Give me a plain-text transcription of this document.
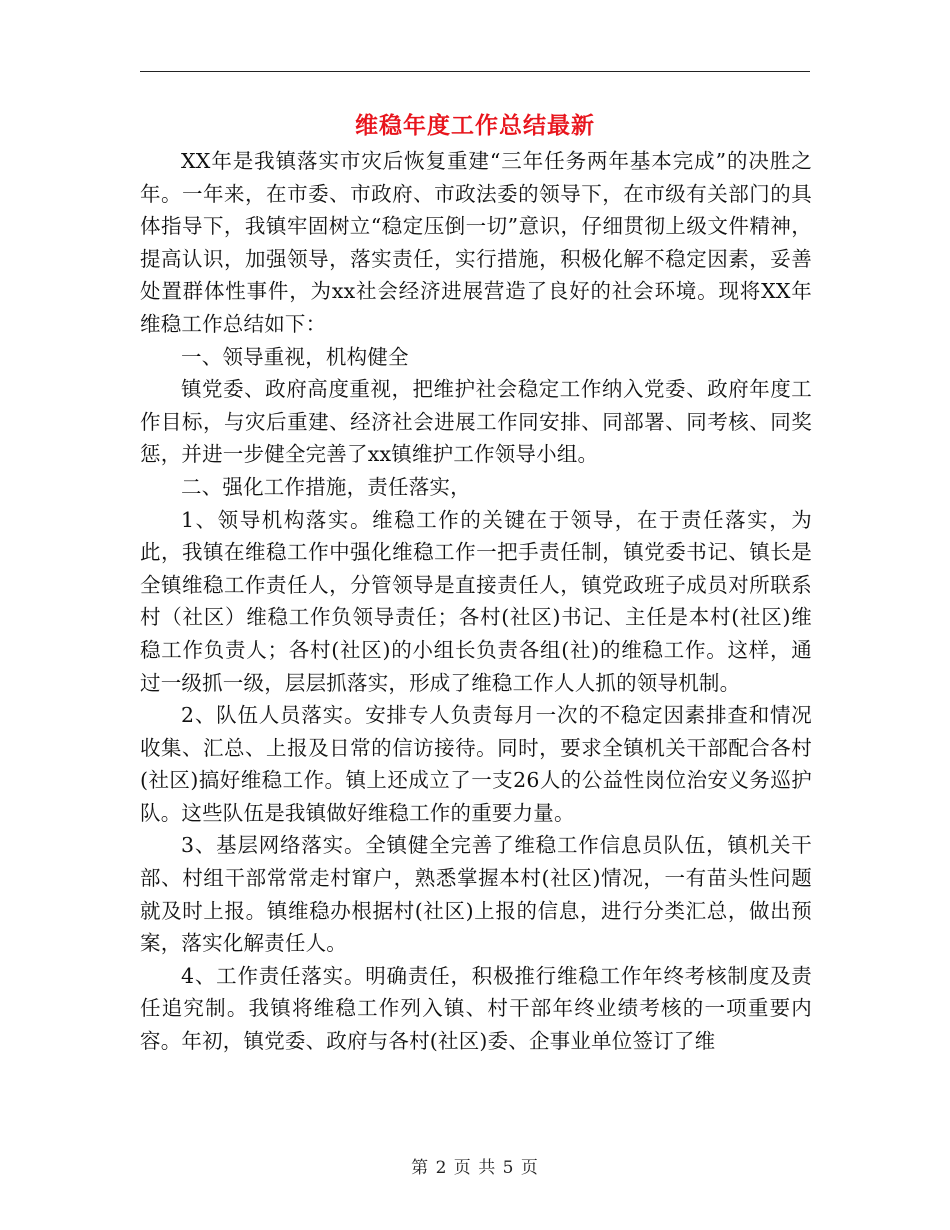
维稳年度工作总结最新

XX年是我镇落实市灾后恢复重建“三年任务两年基本完成”的决胜之年。一年来，在市委、市政府、市政法委的领导下，在市级有关部门的具体指导下，我镇牢固树立“稳定压倒一切”意识，仔细贯彻上级文件精神，提高认识，加强领导，落实责任，实行措施，积极化解不稳定因素，妥善处置群体性事件，为xx社会经济进展营造了良好的社会环境。现将XX年维稳工作总结如下：

一、领导重视，机构健全

镇党委、政府高度重视，把维护社会稳定工作纳入党委、政府年度工作目标，与灾后重建、经济社会进展工作同安排、同部署、同考核、同奖惩，并进一步健全完善了xx镇维护工作领导小组。

二、强化工作措施，责任落实，

1、领导机构落实。维稳工作的关键在于领导，在于责任落实，为此，我镇在维稳工作中强化维稳工作一把手责任制，镇党委书记、镇长是全镇维稳工作责任人，分管领导是直接责任人，镇党政班子成员对所联系村（社区）维稳工作负领导责任；各村(社区)书记、主任是本村(社区)维稳工作负责人；各村(社区)的小组长负责各组(社)的维稳工作。这样，通过一级抓一级，层层抓落实，形成了维稳工作人人抓的领导机制。

2、队伍人员落实。安排专人负责每月一次的不稳定因素排查和情况收集、汇总、上报及日常的信访接待。同时，要求全镇机关干部配合各村(社区)搞好维稳工作。镇上还成立了一支26人的公益性岗位治安义务巡护队。这些队伍是我镇做好维稳工作的重要力量。

3、基层网络落实。全镇健全完善了维稳工作信息员队伍，镇机关干部、村组干部常常走村窜户，熟悉掌握本村(社区)情况，一有苗头性问题就及时上报。镇维稳办根据村(社区)上报的信息，进行分类汇总，做出预案，落实化解责任人。

4、工作责任落实。明确责任，积极推行维稳工作年终考核制度及责任追究制。我镇将维稳工作列入镇、村干部年终业绩考核的一项重要内容。年初，镇党委、政府与各村(社区)委、企事业单位签订了维

第 2 页 共 5 页
